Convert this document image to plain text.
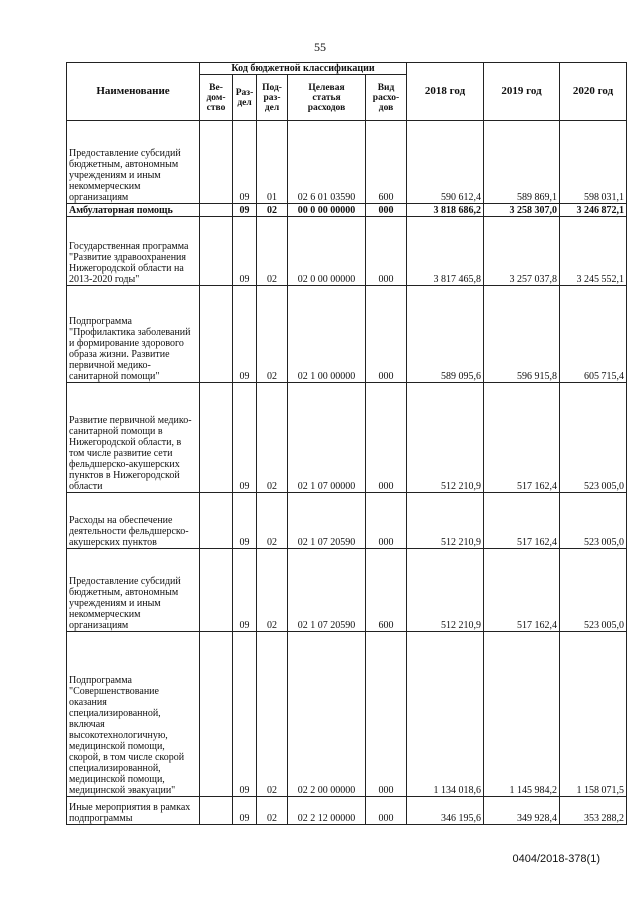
55
Наименование	Код бюджетной классификации					2018 год	2019 год	2020 год
	Ве-
дом-
ство	Раз-
дел	Под-
раз-
дел	Целевая
статья
расходов	Вид
расхо-
дов			
Предоставление субсидий бюджетным, автономным учреждениям и иным некоммерческим организациям		09	01	02 6 01 03590	600	590 612,4	589 869,1	598 031,1
Амбулаторная помощь		09	02	00 0 00 00000	000	3 818 686,2	3 258 307,0	3 246 872,1
Государственная программа "Развитие здравоохранения Нижегородской области на 2013-2020 годы"		09	02	02 0 00 00000	000	3 817 465,8	3 257 037,8	3 245 552,1
Подпрограмма "Профилактика заболеваний и формирование здорового образа жизни. Развитие первичной медико-санитарной помощи"		09	02	02 1 00 00000	000	589 095,6	596 915,8	605 715,4
Развитие первичной медико-санитарной помощи в Нижегородской области, в том числе развитие сети фельдшерско-акушерских пунктов в Нижегородской области		09	02	02 1 07 00000	000	512 210,9	517 162,4	523 005,0
Расходы на обеспечение деятельности фельдшерско-акушерских пунктов		09	02	02 1 07 20590	000	512 210,9	517 162,4	523 005,0
Предоставление субсидий бюджетным, автономным учреждениям и иным некоммерческим организациям		09	02	02 1 07 20590	600	512 210,9	517 162,4	523 005,0
Подпрограмма "Совершенствование оказания специализированной, включая высокотехнологичную, медицинской помощи, скорой, в том числе скорой специализированной, медицинской помощи, медицинской эвакуации"		09	02	02 2 00 00000	000	1 134 018,6	1 145 984,2	1 158 071,5
Иные мероприятия в рамках подпрограммы		09	02	02 2 12 00000	000	346 195,6	349 928,4	353 288,2
0404/2018-378(1)
